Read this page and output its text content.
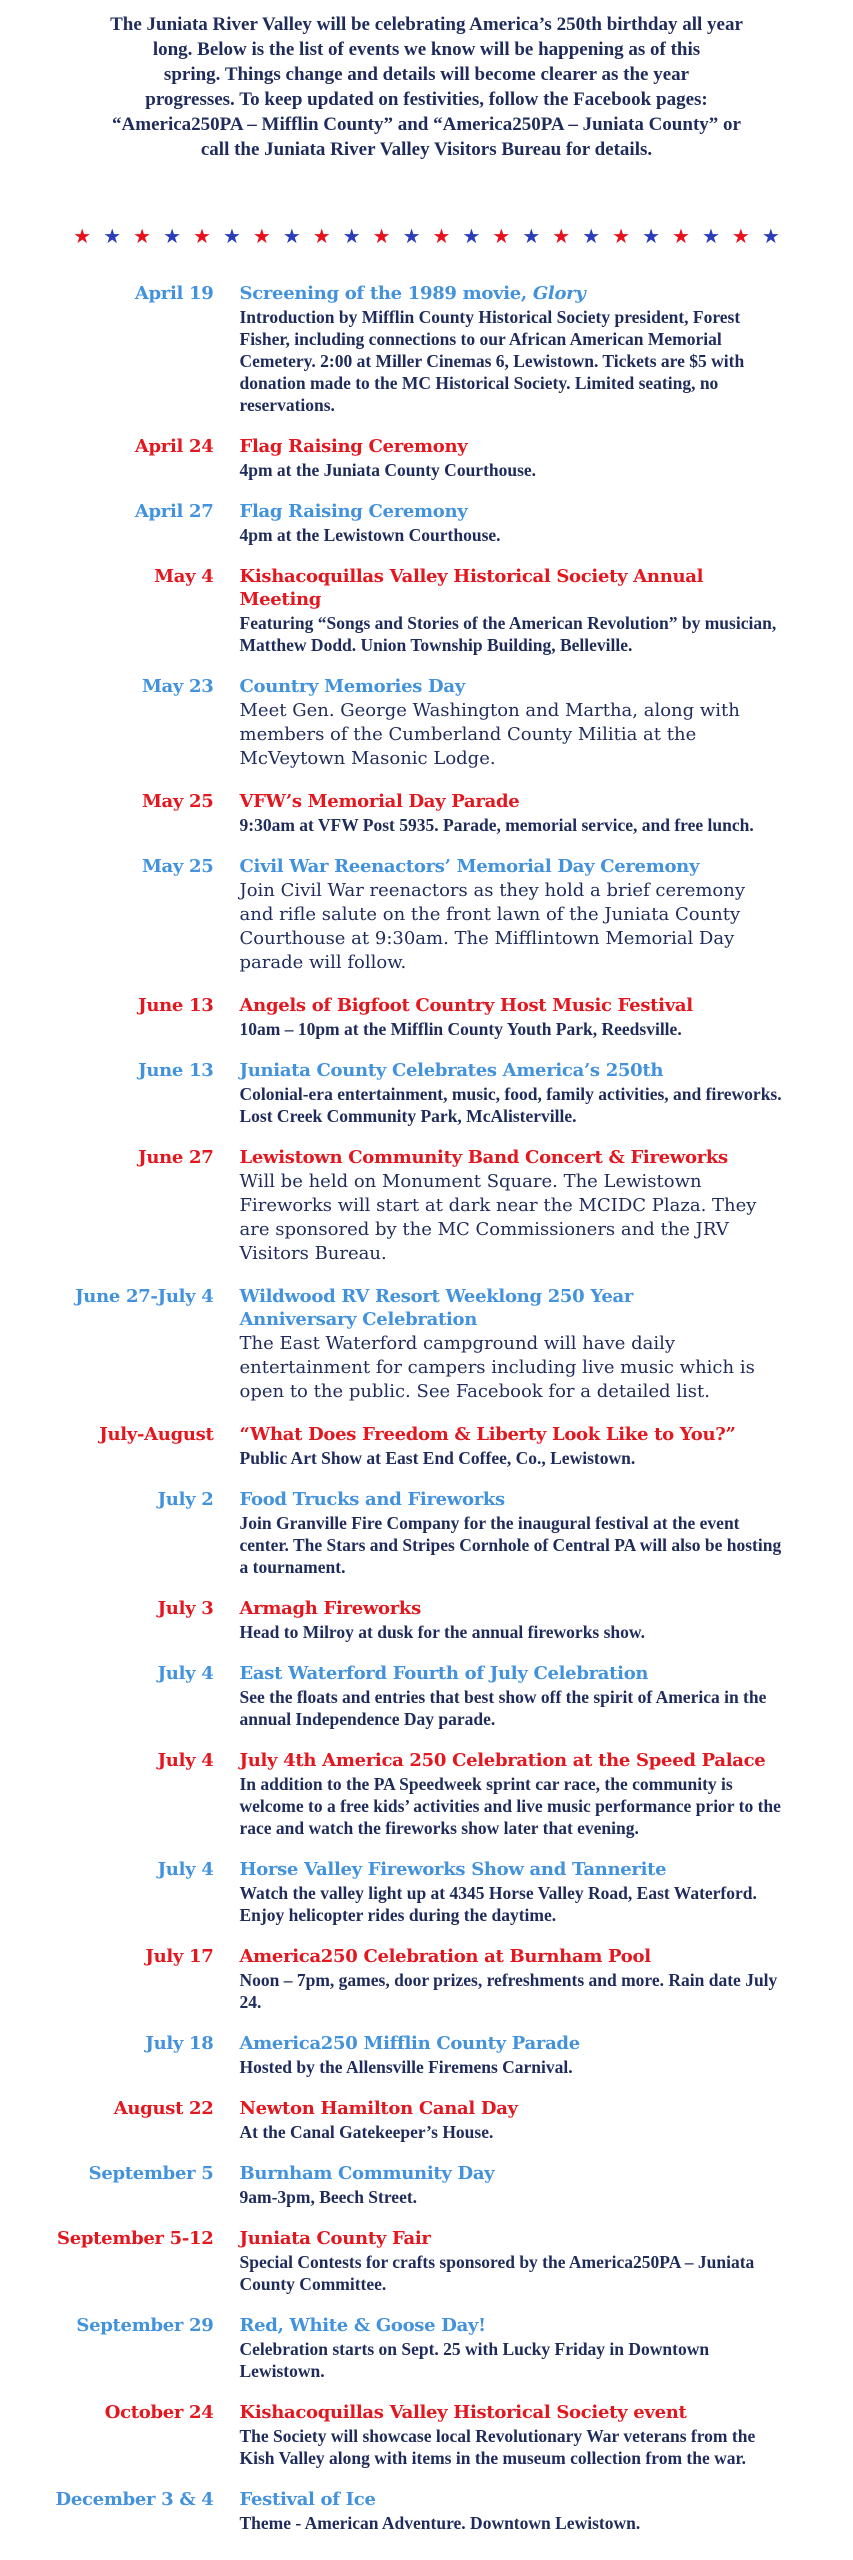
The Juniata River Valley will be celebrating America’s 250th birthday all year
long. Below is the list of events we know will be happening as of this
spring. Things change and details will become clearer as the year
progresses. To keep updated on festivities, follow the Facebook pages:
“America250PA – Mifflin County” and “America250PA – Juniata County” or
call the Juniata River Valley Visitors Bureau for details.
★ ★ ★ ★ ★ ★ ★ ★ ★ ★ ★ ★ ★ ★ ★ ★ ★ ★ ★ ★ ★ ★ ★ ★
April 19 Screening of the 1989 movie, Glory
Introduction by Mifflin County Historical Society president, Forest Fisher, including connections to our African American Memorial Cemetery. 2:00 at Miller Cinemas 6, Lewistown. Tickets are $5 with donation made to the MC Historical Society. Limited seating, no reservations.
April 24 Flag Raising Ceremony
4pm at the Juniata County Courthouse.
April 27 Flag Raising Ceremony
4pm at the Lewistown Courthouse.
May 4 Kishacoquillas Valley Historical Society Annual Meeting
Featuring “Songs and Stories of the American Revolution” by musician, Matthew Dodd. Union Township Building, Belleville.
May 23 Country Memories Day
Meet Gen. George Washington and Martha, along with members of the Cumberland County Militia at the McVeytown Masonic Lodge.
May 25 VFW’s Memorial Day Parade
9:30am at VFW Post 5935. Parade, memorial service, and free lunch.
May 25 Civil War Reenactors’ Memorial Day Ceremony
Join Civil War reenactors as they hold a brief ceremony and rifle salute on the front lawn of the Juniata County Courthouse at 9:30am. The Mifflintown Memorial Day parade will follow.
June 13 Angels of Bigfoot Country Host Music Festival
10am – 10pm at the Mifflin County Youth Park, Reedsville.
June 13 Juniata County Celebrates America’s 250th
Colonial-era entertainment, music, food, family activities, and fireworks. Lost Creek Community Park, McAlisterville.
June 27 Lewistown Community Band Concert & Fireworks
Will be held on Monument Square. The Lewistown Fireworks will start at dark near the MCIDC Plaza. They are sponsored by the MC Commissioners and the JRV Visitors Bureau.
June 27-July 4 Wildwood RV Resort Weeklong 250 Year
Anniversary Celebration
The East Waterford campground will have daily entertainment for campers including live music which is open to the public. See Facebook for a detailed list.
July-August “What Does Freedom & Liberty Look Like to You?”
Public Art Show at East End Coffee, Co., Lewistown.
July 2 Food Trucks and Fireworks
Join Granville Fire Company for the inaugural festival at the event center. The Stars and Stripes Cornhole of Central PA will also be hosting a tournament.
July 3 Armagh Fireworks
Head to Milroy at dusk for the annual fireworks show.
July 4 East Waterford Fourth of July Celebration
See the floats and entries that best show off the spirit of America in the annual Independence Day parade.
July 4 July 4th America 250 Celebration at the Speed Palace
In addition to the PA Speedweek sprint car race, the community is welcome to a free kids’ activities and live music performance prior to the race and watch the fireworks show later that evening.
July 4 Horse Valley Fireworks Show and Tannerite
Watch the valley light up at 4345 Horse Valley Road, East Waterford. Enjoy helicopter rides during the daytime.
July 17 America250 Celebration at Burnham Pool
Noon – 7pm, games, door prizes, refreshments and more. Rain date July 24.
July 18 America250 Mifflin County Parade
Hosted by the Allensville Firemens Carnival.
August 22 Newton Hamilton Canal Day
At the Canal Gatekeeper’s House.
September 5 Burnham Community Day
9am-3pm, Beech Street.
September 5-12 Juniata County Fair
Special Contests for crafts sponsored by the America250PA – Juniata County Committee.
September 29 Red, White & Goose Day!
Celebration starts on Sept. 25 with Lucky Friday in Downtown Lewistown.
October 24 Kishacoquillas Valley Historical Society event
The Society will showcase local Revolutionary War veterans from the Kish Valley along with items in the museum collection from the war.
December 3 & 4 Festival of Ice
Theme - American Adventure. Downtown Lewistown.
